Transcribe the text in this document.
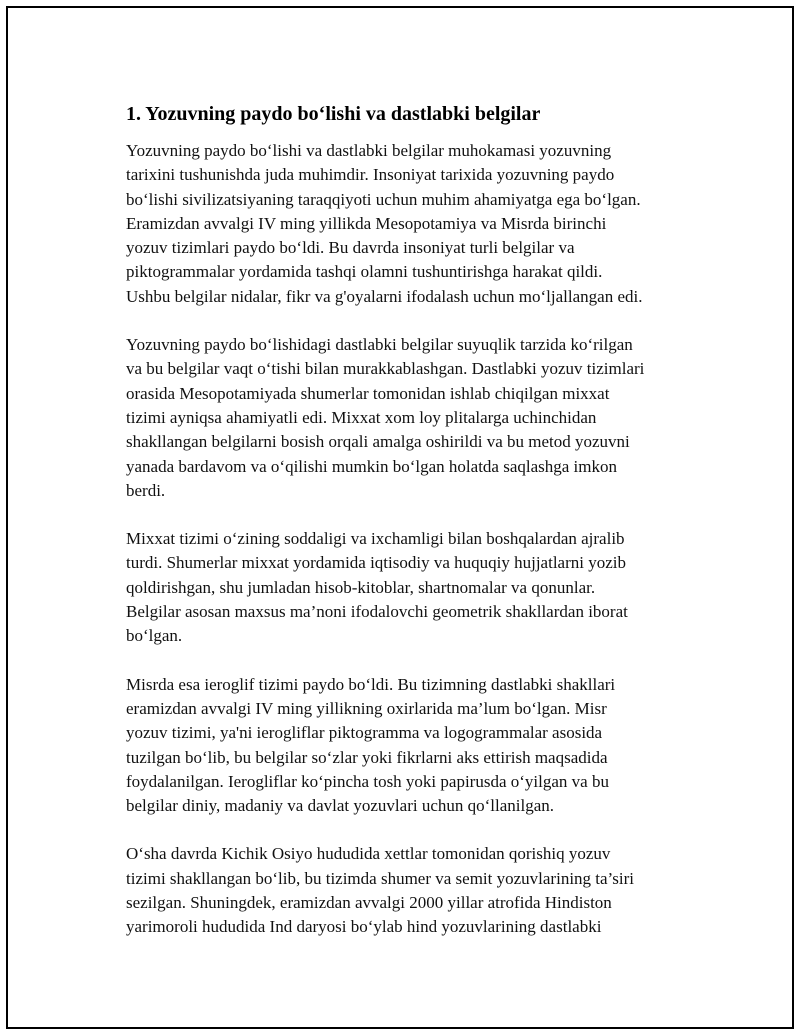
1. Yozuvning paydo bo‘lishi va dastlabki belgilar

Yozuvning paydo bo‘lishi va dastlabki belgilar muhokamasi yozuvning
tarixini tushunishda juda muhimdir. Insoniyat tarixida yozuvning paydo
bo‘lishi sivilizatsiyaning taraqqiyoti uchun muhim ahamiyatga ega bo‘lgan.
Eramizdan avvalgi IV ming yillikda Mesopotamiya va Misrda birinchi
yozuv tizimlari paydo bo‘ldi. Bu davrda insoniyat turli belgilar va
piktogrammalar yordamida tashqi olamni tushuntirishga harakat qildi.
Ushbu belgilar nidalar, fikr va g'oyalarni ifodalash uchun mo‘ljallangan edi.

Yozuvning paydo bo‘lishidagi dastlabki belgilar suyuqlik tarzida ko‘rilgan
va bu belgilar vaqt o‘tishi bilan murakkablashgan. Dastlabki yozuv tizimlari
orasida Mesopotamiyada shumerlar tomonidan ishlab chiqilgan mixxat
tizimi ayniqsa ahamiyatli edi. Mixxat xom loy plitalarga uchinchidan
shakllangan belgilarni bosish orqali amalga oshirildi va bu metod yozuvni
yanada bardavom va o‘qilishi mumkin bo‘lgan holatda saqlashga imkon
berdi.

Mixxat tizimi o‘zining soddaligi va ixchamligi bilan boshqalardan ajralib
turdi. Shumerlar mixxat yordamida iqtisodiy va huquqiy hujjatlarni yozib
qoldirishgan, shu jumladan hisob-kitoblar, shartnomalar va qonunlar.
Belgilar asosan maxsus ma’noni ifodalovchi geometrik shakllardan iborat
bo‘lgan.

Misrda esa ieroglif tizimi paydo bo‘ldi. Bu tizimning dastlabki shakllari
eramizdan avvalgi IV ming yillikning oxirlarida ma’lum bo‘lgan. Misr
yozuv tizimi, ya'ni ierogliflar piktogramma va logogrammalar asosida
tuzilgan bo‘lib, bu belgilar so‘zlar yoki fikrlarni aks ettirish maqsadida
foydalanilgan. Ierogliflar ko‘pincha tosh yoki papirusda o‘yilgan va bu
belgilar diniy, madaniy va davlat yozuvlari uchun qo‘llanilgan.

O‘sha davrda Kichik Osiyo hududida xettlar tomonidan qorishiq yozuv
tizimi shakllangan bo‘lib, bu tizimda shumer va semit yozuvlarining ta’siri
sezilgan. Shuningdek, eramizdan avvalgi 2000 yillar atrofida Hindiston
yarimoroli hududida Ind daryosi bo‘ylab hind yozuvlarining dastlabki
